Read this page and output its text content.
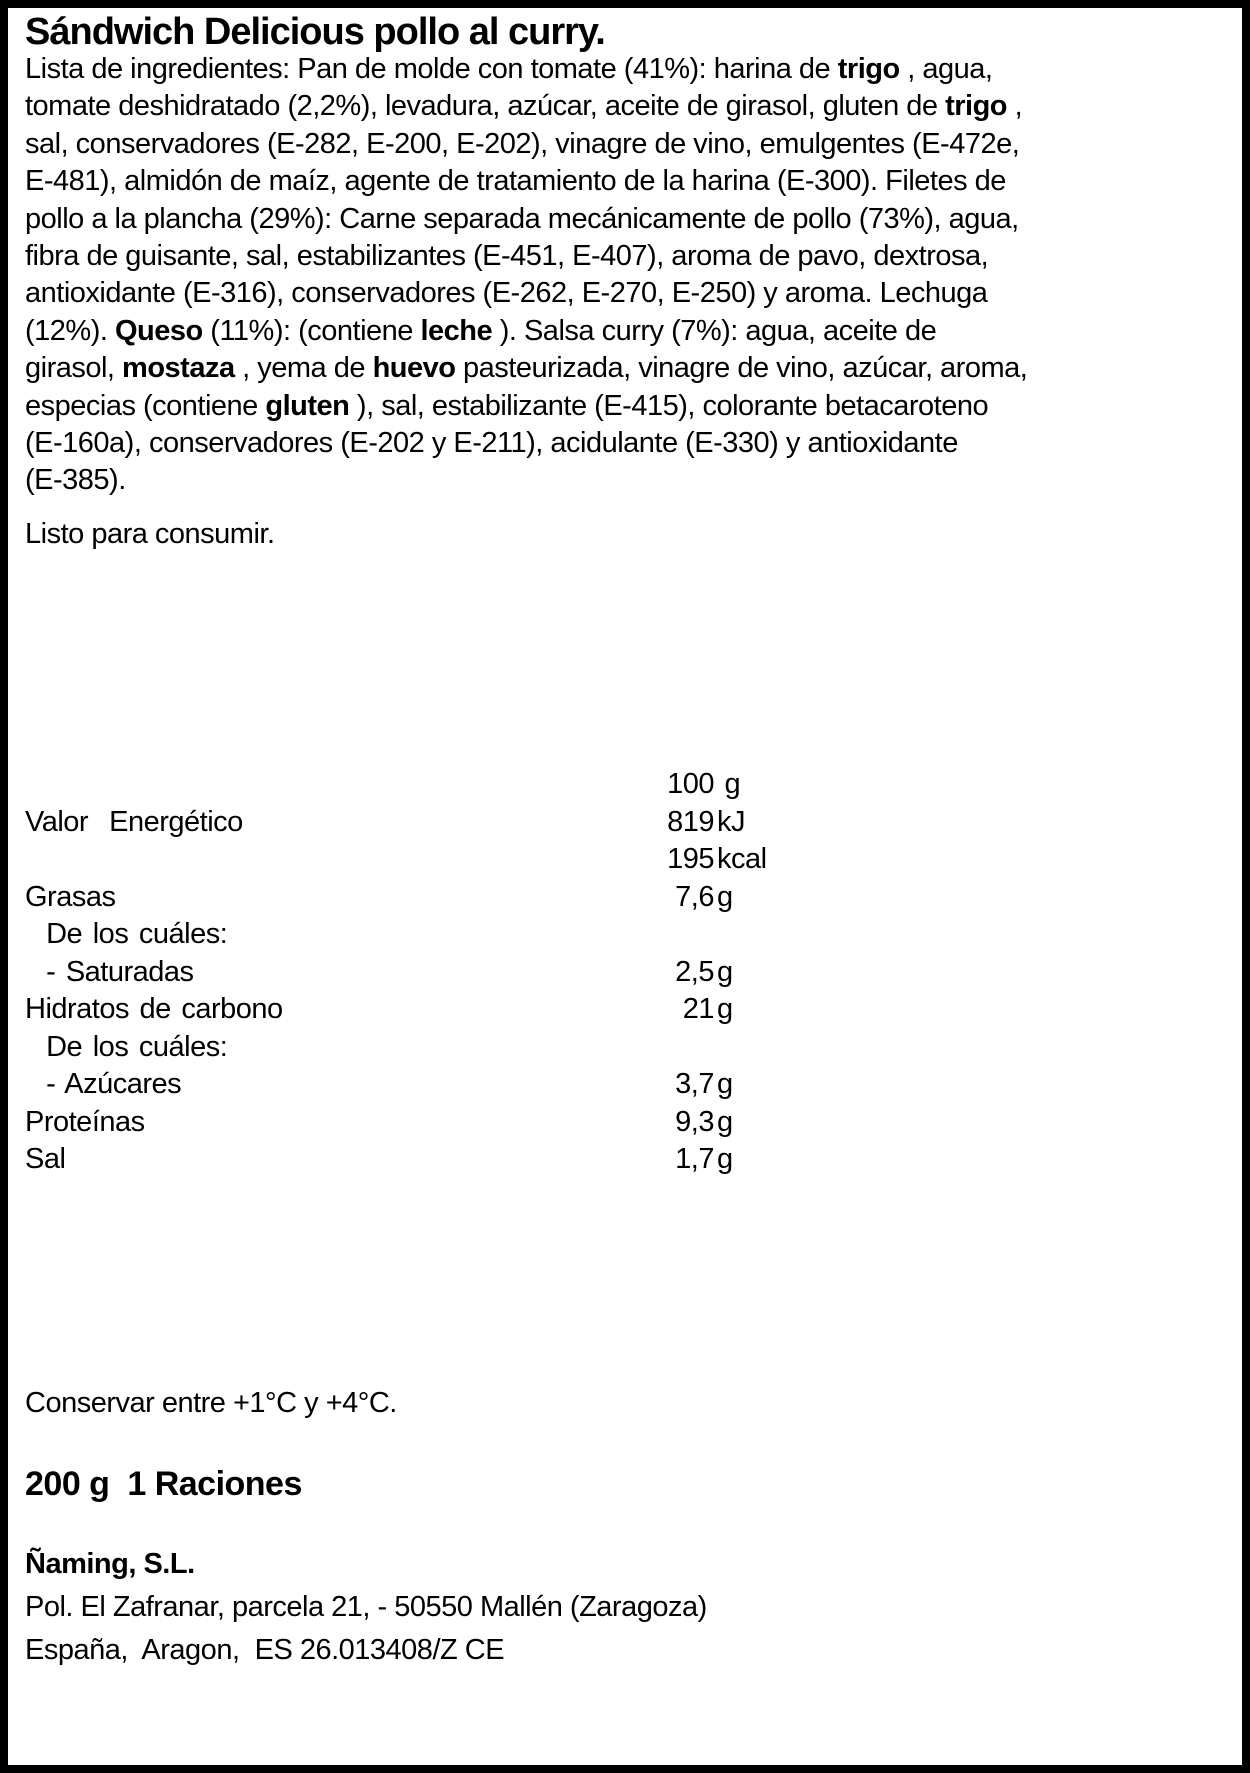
Sándwich Delicious pollo al curry.
Lista de ingredientes: Pan de molde con tomate (41%): harina de trigo , agua,
tomate deshidratado (2,2%), levadura, azúcar, aceite de girasol, gluten de trigo ,
sal, conservadores (E-282, E-200, E-202), vinagre de vino, emulgentes (E-472e,
E-481), almidón de maíz, agente de tratamiento de la harina (E-300). Filetes de
pollo a la plancha (29%): Carne separada mecánicamente de pollo (73%), agua,
fibra de guisante, sal, estabilizantes (E-451, E-407), aroma de pavo, dextrosa,
antioxidante (E-316), conservadores (E-262, E-270, E-250) y aroma. Lechuga
(12%). Queso (11%): (contiene leche ). Salsa curry (7%): agua, aceite de
girasol, mostaza , yema de huevo pasteurizada, vinagre de vino, azúcar, aroma,
especias (contiene gluten ), sal, estabilizante (E-415), colorante betacaroteno
(E-160a), conservadores (E-202 y E-211), acidulante (E-330) y antioxidante
(E-385).
Listo para consumir.
100 g
Valor  Energético	819 kJ
195 kcal
Grasas	7,6 g
De los cuáles:
- Saturadas	2,5 g
Hidratos de carbono	21 g
De los cuáles:
- Azúcares	3,7 g
Proteínas	9,3 g
Sal	1,7 g
Conservar entre +1°C y +4°C.
200 g  1 Raciones
Ñaming, S.L.
Pol. El Zafranar, parcela 21, - 50550 Mallén (Zaragoza)
España,  Aragon,  ES 26.013408/Z CE
